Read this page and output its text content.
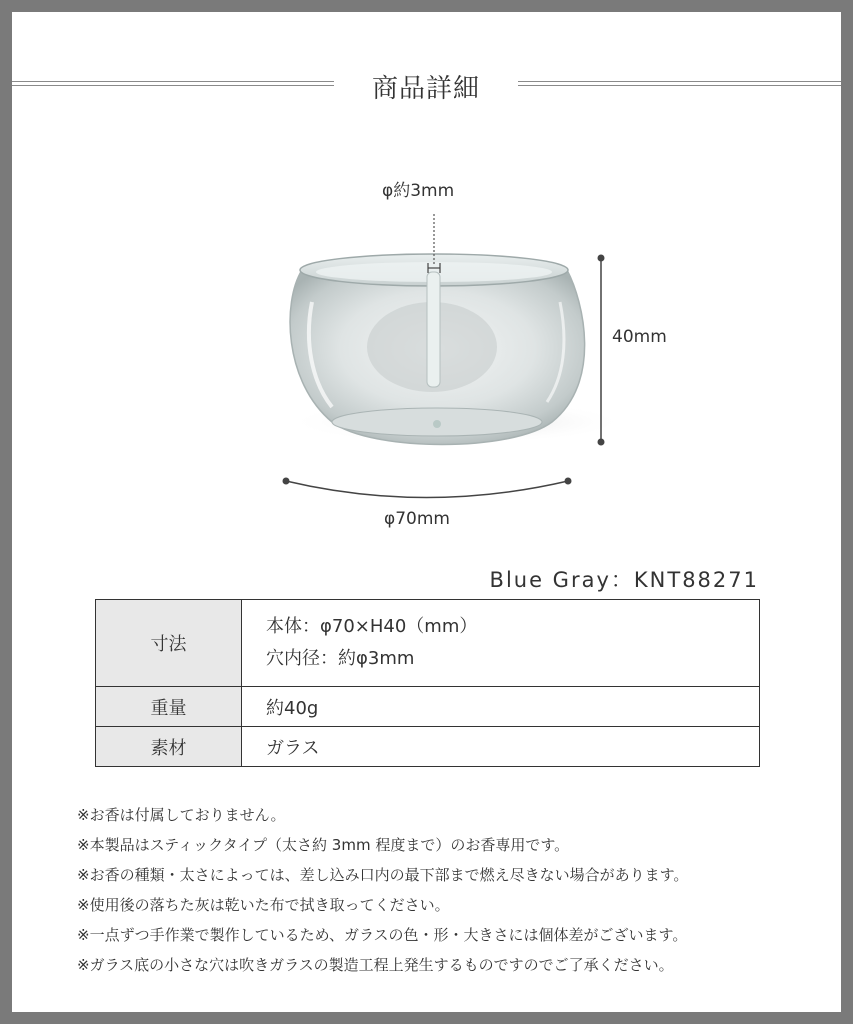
商品詳細
φ約3mm
40mm
φ70mm
Blue Gray：KNT88271
寸法	本体：φ70×H40（mm）
穴内径：約φ3mm

重量	約40g
素材	ガラス
※お香は付属しておりません。
※本製品はスティックタイプ（太さ約 3mm 程度まで）のお香専用です。
※お香の種類・太さによっては、差し込み口内の最下部まで燃え尽きない場合があります。
※使用後の落ちた灰は乾いた布で拭き取ってください。
※一点ずつ手作業で製作しているため、ガラスの色・形・大きさには個体差がございます。
※ガラス底の小さな穴は吹きガラスの製造工程上発生するものですのでご了承ください。
